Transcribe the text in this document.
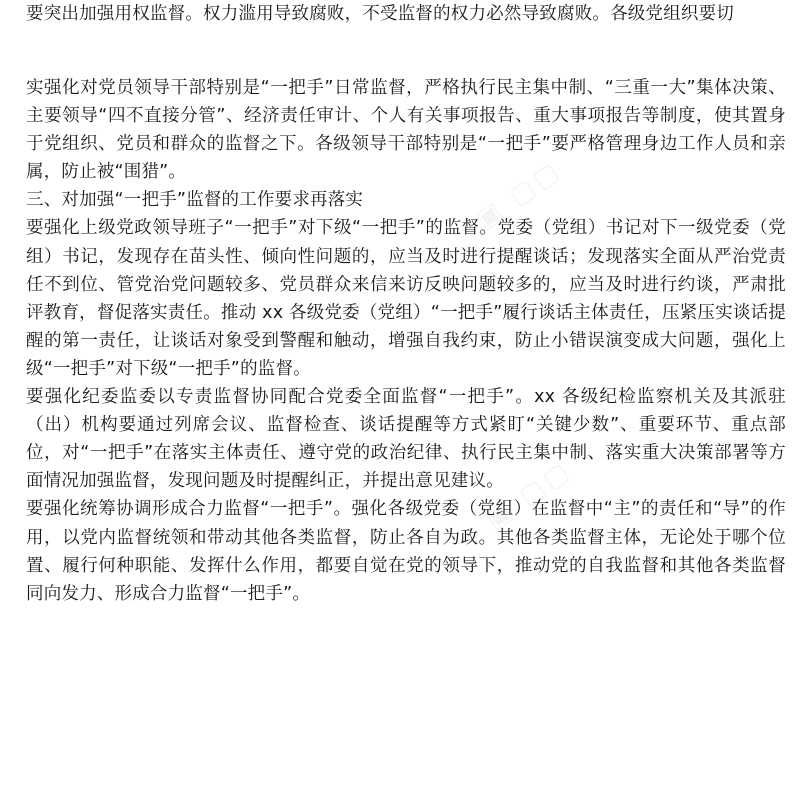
要突出加强用权监督。权力滥用导致腐败，不受监督的权力必然导致腐败。各级党组织要切

实强化对党员领导干部特别是“一把手”日常监督，严格执行民主集中制、“三重一大”集体决策、主要领导“四不直接分管”、经济责任审计、个人有关事项报告、重大事项报告等制度，使其置身于党组织、党员和群众的监督之下。各级领导干部特别是“一把手”要严格管理身边工作人员和亲属，防止被“围猎”。

三、对加强“一把手”监督的工作要求再落实

要强化上级党政领导班子“一把手”对下级“一把手”的监督。党委（党组）书记对下一级党委（党组）书记，发现存在苗头性、倾向性问题的，应当及时进行提醒谈话；发现落实全面从严治党责任不到位、管党治党问题较多、党员群众来信来访反映问题较多的，应当及时进行约谈，严肃批评教育，督促落实责任。推动 xx 各级党委（党组）“一把手”履行谈话主体责任，压紧压实谈话提醒的第一责任，让谈话对象受到警醒和触动，增强自我约束，防止小错误演变成大问题，强化上级“一把手”对下级“一把手”的监督。

要强化纪委监委以专责监督协同配合党委全面监督“一把手”。xx 各级纪检监察机关及其派驻（出）机构要通过列席会议、监督检查、谈话提醒等方式紧盯“关键少数”、重要环节、重点部位，对“一把手”在落实主体责任、遵守党的政治纪律、执行民主集中制、落实重大决策部署等方面情况加强监督，发现问题及时提醒纠正，并提出意见建议。

要强化统筹协调形成合力监督“一把手”。强化各级党委（党组）在监督中“主”的责任和“导”的作用，以党内监督统领和带动其他各类监督，防止各自为政。其他各类监督主体，无论处于哪个位置、履行何种职能、发挥什么作用，都要自觉在党的领导下，推动党的自我监督和其他各类监督同向发力、形成合力监督“一把手”。
